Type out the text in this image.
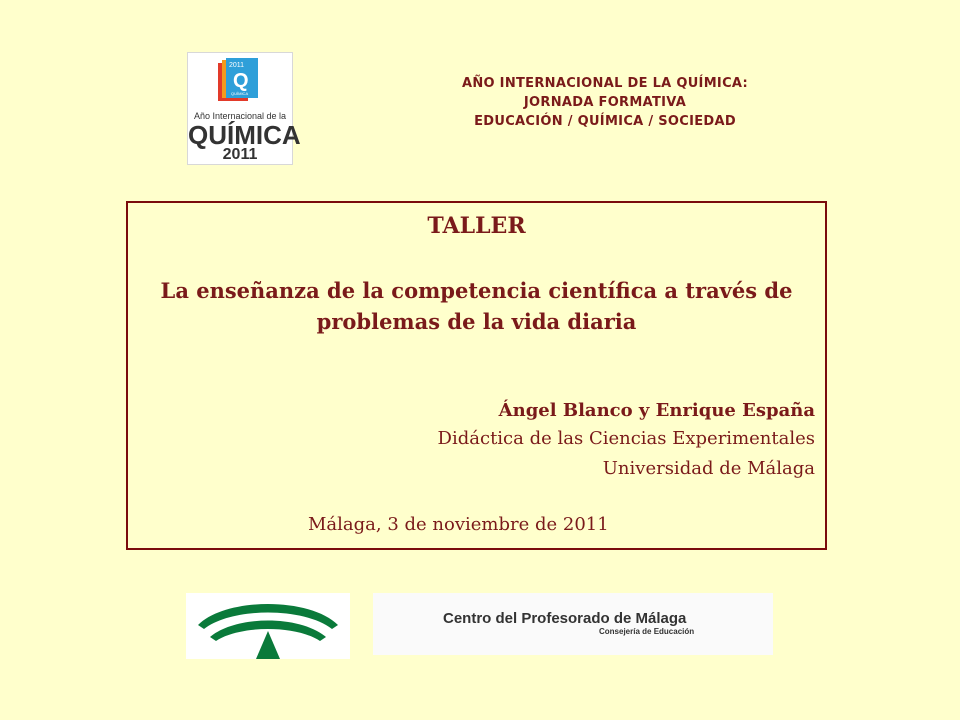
2011
Q
QUÍMICA
Año Internacional de la
QUÍMICA
2011
AÑO INTERNACIONAL DE LA QUÍMICA:
JORNADA FORMATIVA
EDUCACIÓN / QUÍMICA / SOCIEDAD
TALLER
La enseñanza de la competencia científica a través de
problemas de la vida diaria
Ángel Blanco y Enrique España
Didáctica de las Ciencias Experimentales
Universidad de Málaga
Málaga, 3 de noviembre de 2011
Centro del Profesorado de Málaga
Consejería de Educación
